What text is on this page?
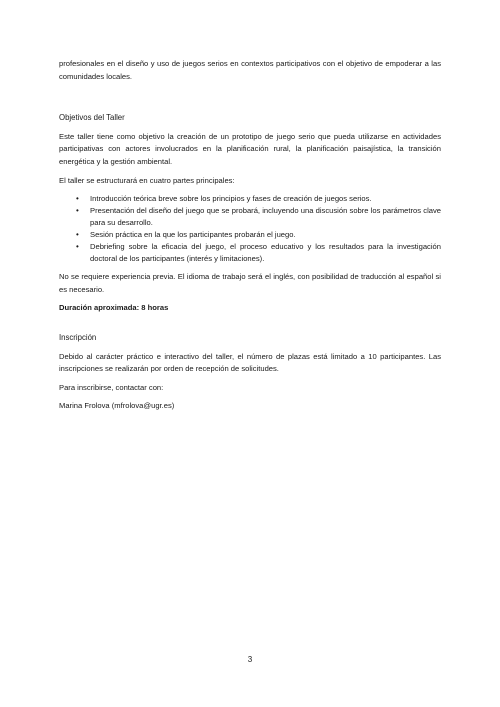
profesionales en el diseño y uso de juegos serios en contextos participativos con el objetivo de empoderar a las comunidades locales.

Objetivos del Taller

Este taller tiene como objetivo la creación de un prototipo de juego serio que pueda utilizarse en actividades participativas con actores involucrados en la planificación rural, la planificación paisajística, la transición energética y la gestión ambiental.

El taller se estructurará en cuatro partes principales:

• Introducción teórica breve sobre los principios y fases de creación de juegos serios.
• Presentación del diseño del juego que se probará, incluyendo una discusión sobre los parámetros clave para su desarrollo.
• Sesión práctica en la que los participantes probarán el juego.
• Debriefing sobre la eficacia del juego, el proceso educativo y los resultados para la investigación doctoral de los participantes (interés y limitaciones).

No se requiere experiencia previa. El idioma de trabajo será el inglés, con posibilidad de traducción al español si es necesario.

Duración aproximada: 8 horas

Inscripción

Debido al carácter práctico e interactivo del taller, el número de plazas está limitado a 10 participantes. Las inscripciones se realizarán por orden de recepción de solicitudes.

Para inscribirse, contactar con:

Marina Frolova (mfrolova@ugr.es)

3
